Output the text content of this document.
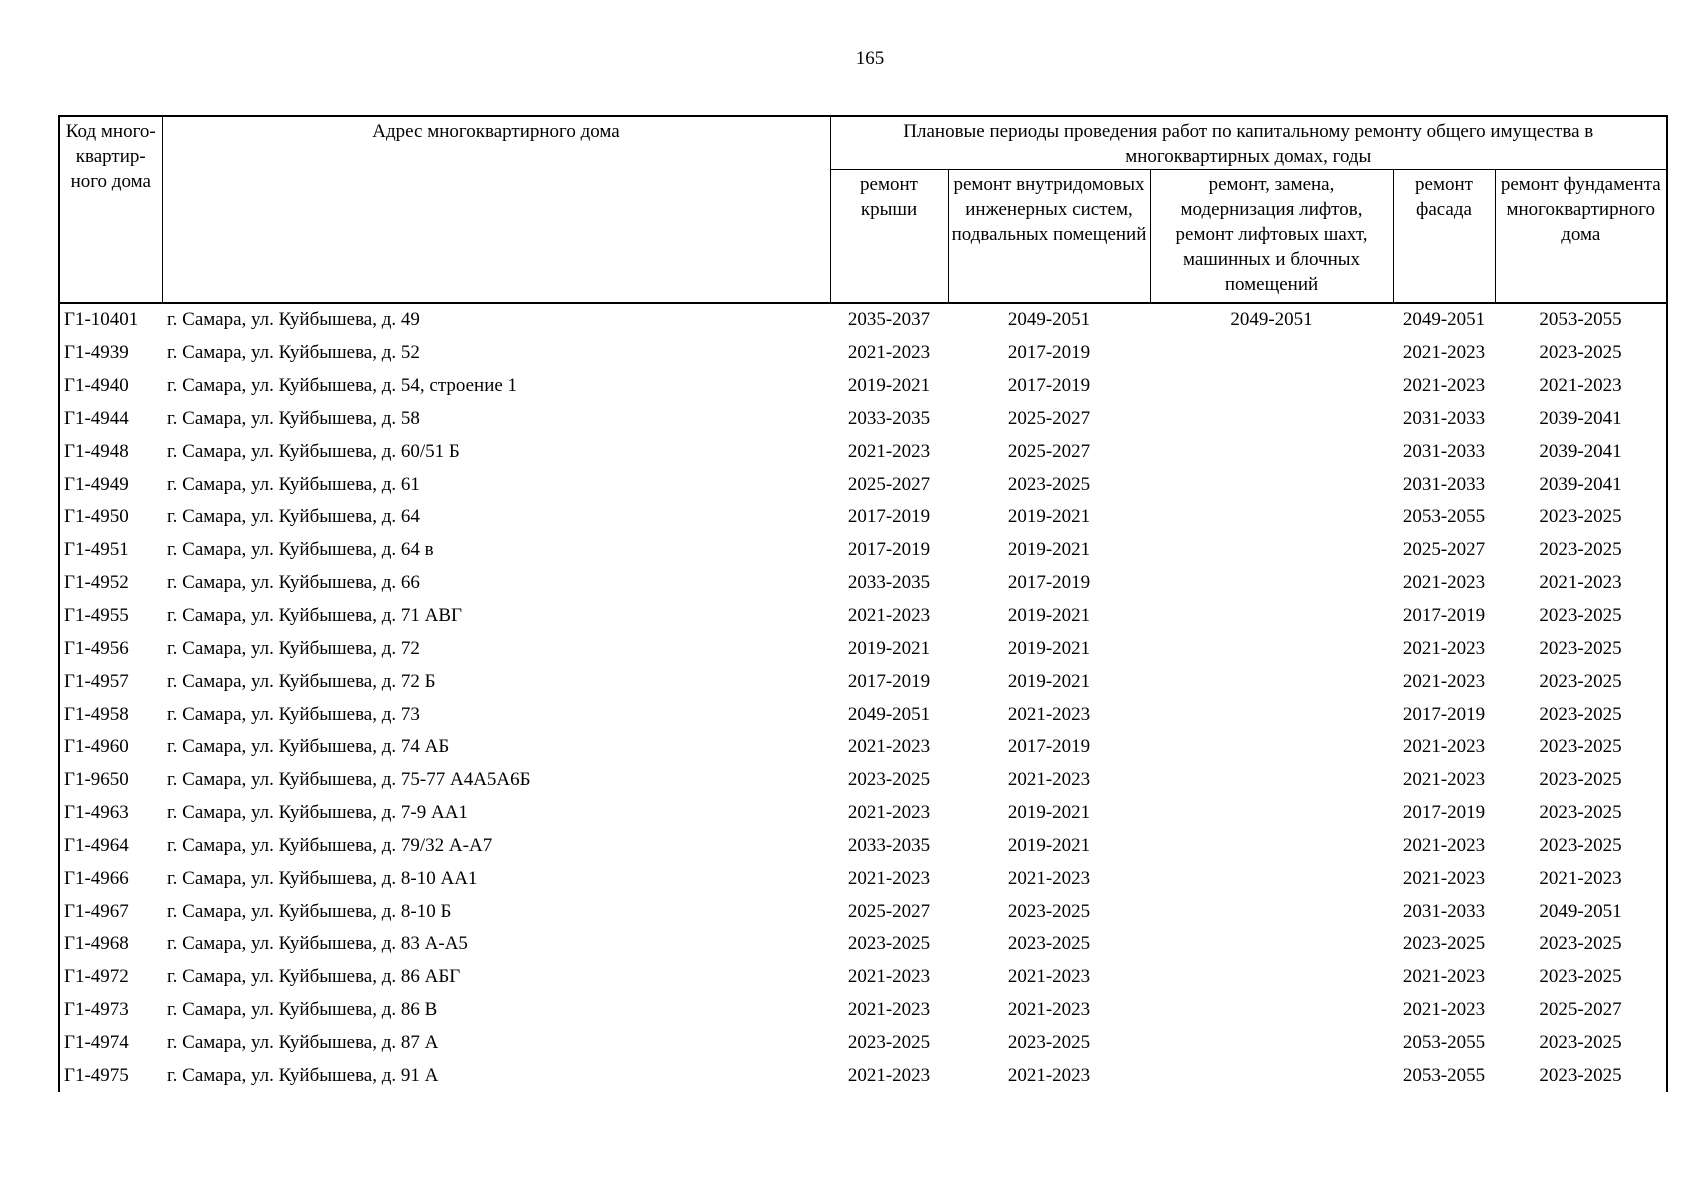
165
Код много-квартир-ного дома	Адрес многоквартирного дома	Плановые периоды проведения работ по капитальному ремонту общего имущества в многоквартирных домах, годы				
		ремонт крыши	ремонт внутридомовых инженерных систем, подвальных помещений	ремонт, замена, модернизация лифтов, ремонт лифтовых шахт, машинных и блочных помещений	ремонт фасада	ремонт фундамента многоквартирного дома
Г1-10401	г. Самара, ул. Куйбышева, д. 49	2035-2037	2049-2051	2049-2051	2049-2051	2053-2055
Г1-4939	г. Самара, ул. Куйбышева, д. 52	2021-2023	2017-2019		2021-2023	2023-2025
Г1-4940	г. Самара, ул. Куйбышева, д. 54, строение 1	2019-2021	2017-2019		2021-2023	2021-2023
Г1-4944	г. Самара, ул. Куйбышева, д. 58	2033-2035	2025-2027		2031-2033	2039-2041
Г1-4948	г. Самара, ул. Куйбышева, д. 60/51 Б	2021-2023	2025-2027		2031-2033	2039-2041
Г1-4949	г. Самара, ул. Куйбышева, д. 61	2025-2027	2023-2025		2031-2033	2039-2041
Г1-4950	г. Самара, ул. Куйбышева, д. 64	2017-2019	2019-2021		2053-2055	2023-2025
Г1-4951	г. Самара, ул. Куйбышева, д. 64 в	2017-2019	2019-2021		2025-2027	2023-2025
Г1-4952	г. Самара, ул. Куйбышева, д. 66	2033-2035	2017-2019		2021-2023	2021-2023
Г1-4955	г. Самара, ул. Куйбышева, д. 71 АВГ	2021-2023	2019-2021		2017-2019	2023-2025
Г1-4956	г. Самара, ул. Куйбышева, д. 72	2019-2021	2019-2021		2021-2023	2023-2025
Г1-4957	г. Самара, ул. Куйбышева, д. 72 Б	2017-2019	2019-2021		2021-2023	2023-2025
Г1-4958	г. Самара, ул. Куйбышева, д. 73	2049-2051	2021-2023		2017-2019	2023-2025
Г1-4960	г. Самара, ул. Куйбышева, д. 74 АБ	2021-2023	2017-2019		2021-2023	2023-2025
Г1-9650	г. Самара, ул. Куйбышева, д. 75-77 А4А5А6Б	2023-2025	2021-2023		2021-2023	2023-2025
Г1-4963	г. Самара, ул. Куйбышева, д. 7-9 АА1	2021-2023	2019-2021		2017-2019	2023-2025
Г1-4964	г. Самара, ул. Куйбышева, д. 79/32 А-А7	2033-2035	2019-2021		2021-2023	2023-2025
Г1-4966	г. Самара, ул. Куйбышева, д. 8-10 АА1	2021-2023	2021-2023		2021-2023	2021-2023
Г1-4967	г. Самара, ул. Куйбышева, д. 8-10 Б	2025-2027	2023-2025		2031-2033	2049-2051
Г1-4968	г. Самара, ул. Куйбышева, д. 83 А-А5	2023-2025	2023-2025		2023-2025	2023-2025
Г1-4972	г. Самара, ул. Куйбышева, д. 86 АБГ	2021-2023	2021-2023		2021-2023	2023-2025
Г1-4973	г. Самара, ул. Куйбышева, д. 86 В	2021-2023	2021-2023		2021-2023	2025-2027
Г1-4974	г. Самара, ул. Куйбышева, д. 87 А	2023-2025	2023-2025		2053-2055	2023-2025
Г1-4975	г. Самара, ул. Куйбышева, д. 91 А	2021-2023	2021-2023		2053-2055	2023-2025
